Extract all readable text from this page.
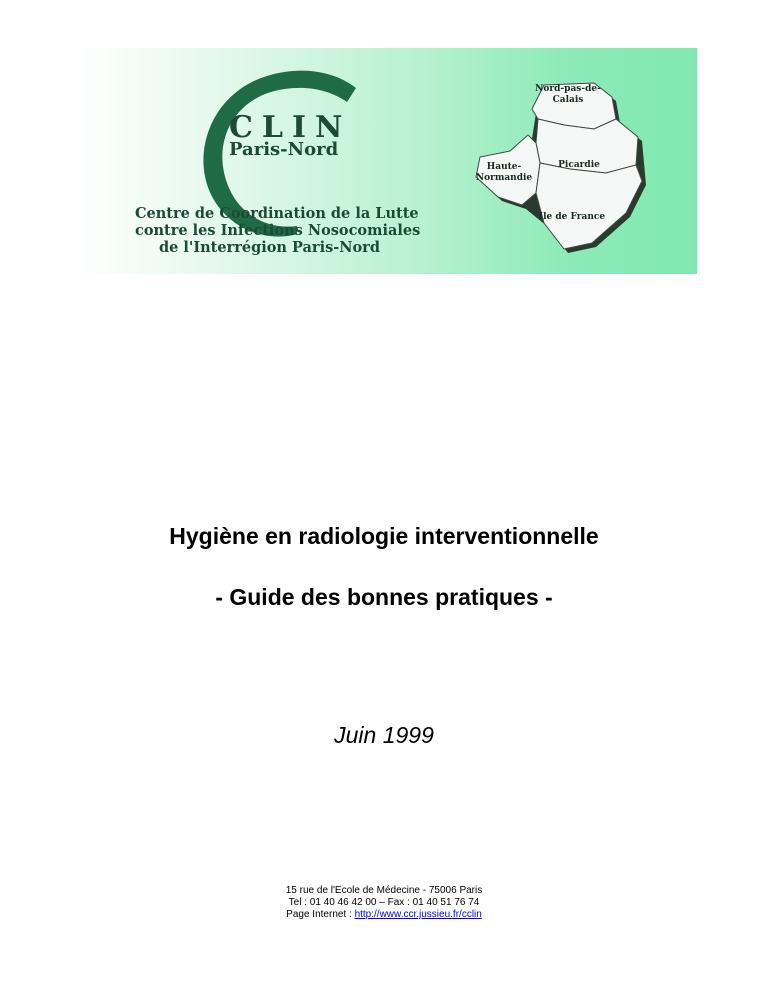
CLIN

Paris-Nord

Centre de Coordination de la Lutte

contre les Infections Nosocomiales

de l'Interrégion Paris-Nord

Nord-pas-de-Calais

Picardie

Haute-Normandie

Ile de France

Hygiène en radiologie interventionnelle
- Guide des bonnes pratiques -

Juin 1999

15 rue de l'Ecole de Médecine - 75006 Paris

Tel : 01 40 46 42 00 – Fax : 01 40 51 76 74

Page Internet : http://www.ccr.jussieu.fr/cclin
